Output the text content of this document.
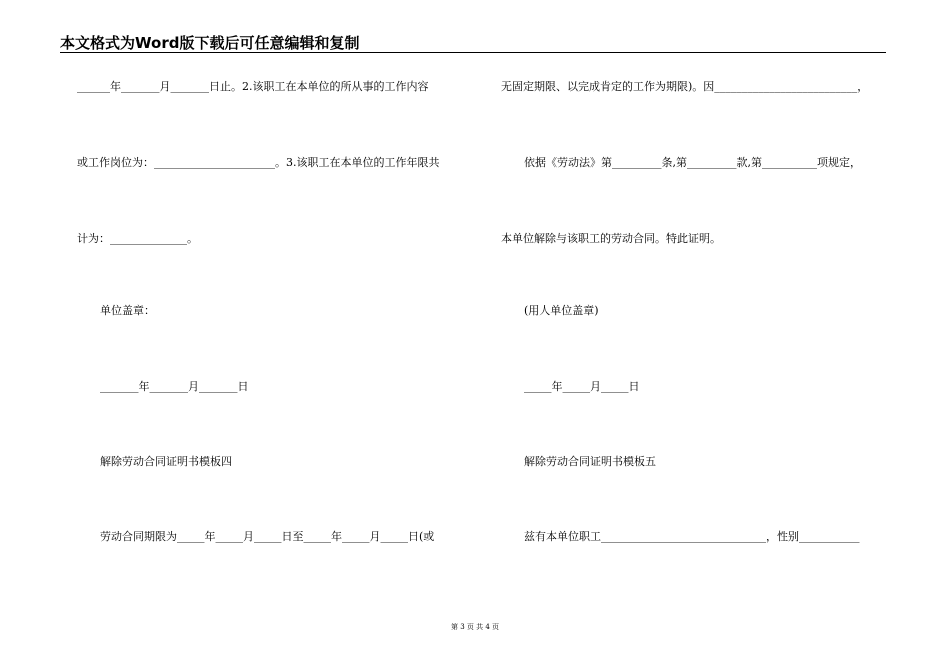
本文格式为Word版下载后可任意编辑和复制
______年_______月_______日止。2.该职工在本单位的所从事的工作内容
或工作岗位为：______________________。3.该职工在本单位的工作年限共
计为：______________。
单位盖章：
_______年_______月_______日
解除劳动合同证明书模板四
劳动合同期限为_____年_____月_____日至_____年_____月_____日(或
无固定期限、以完成肯定的工作为期限)。因__________________________，
依据《劳动法》第_________条,第_________款,第__________项规定，
本单位解除与该职工的劳动合同。特此证明。
(用人单位盖章)
_____年_____月_____日
解除劳动合同证明书模板五
兹有本单位职工______________________________，性别___________
第 3 页 共 4 页
